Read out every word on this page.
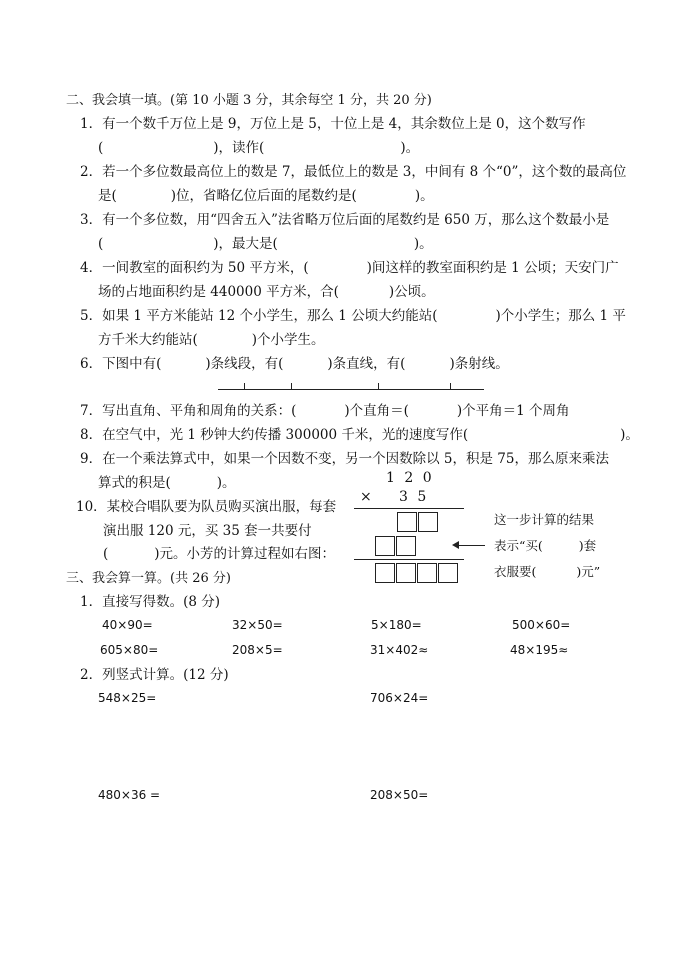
二、我会填一填。(第 10 小题 3 分，其余每空 1 分，共 20 分)
1．有一个数千万位上是 9，万位上是 5，十位上是 4，其余数位上是 0，这个数写作
(	)，读作(	)。
2．若一个多位数最高位上的数是 7，最低位上的数是 3，中间有 8 个“0”，这个数的最高位
是(	)位，省略亿位后面的尾数约是(	)。
3．有一个多位数，用“四舍五入”法省略万位后面的尾数约是 650 万，那么这个数最小是
(	)，最大是(	)。
4．一间教室的面积约为 50 平方米，(	)间这样的教室面积约是 1 公顷；天安门广
场的占地面积约是 440000 平方米，合(	)公顷。
5．如果 1 平方米能站 12 个小学生，那么 1 公顷大约能站(	)个小学生；那么 1 平
方千米大约能站(	)个小学生。
6．下图中有(	)条线段，有(	)条直线，有(	)条射线。
7．写出直角、平角和周角的关系：(	)个直角＝(	)个平角＝1 个周角
8．在空气中，光 1 秒钟大约传播 300000 千米，光的速度写作(	)。
9．在一个乘法算式中，如果一个因数不变，另一个因数除以 5，积是 75，那么原来乘法
算式的积是(	)。
10．某校合唱队要为队员购买演出服，每套
演出服 120 元，买 35 套一共要付
(	)元。小芳的计算过程如右图：
1 2 0
× 3 5
这一步计算的结果
表示“买(	)套
衣服要(	)元”
三、我会算一算。(共 26 分)
1．直接写得数。(8 分)
40×90=	32×50=	5×180=	500×60=
605×80=	208×5=	31×402≈	48×195≈
2．列竖式计算。(12 分)
548×25=	706×24=
480×36 =	208×50=
